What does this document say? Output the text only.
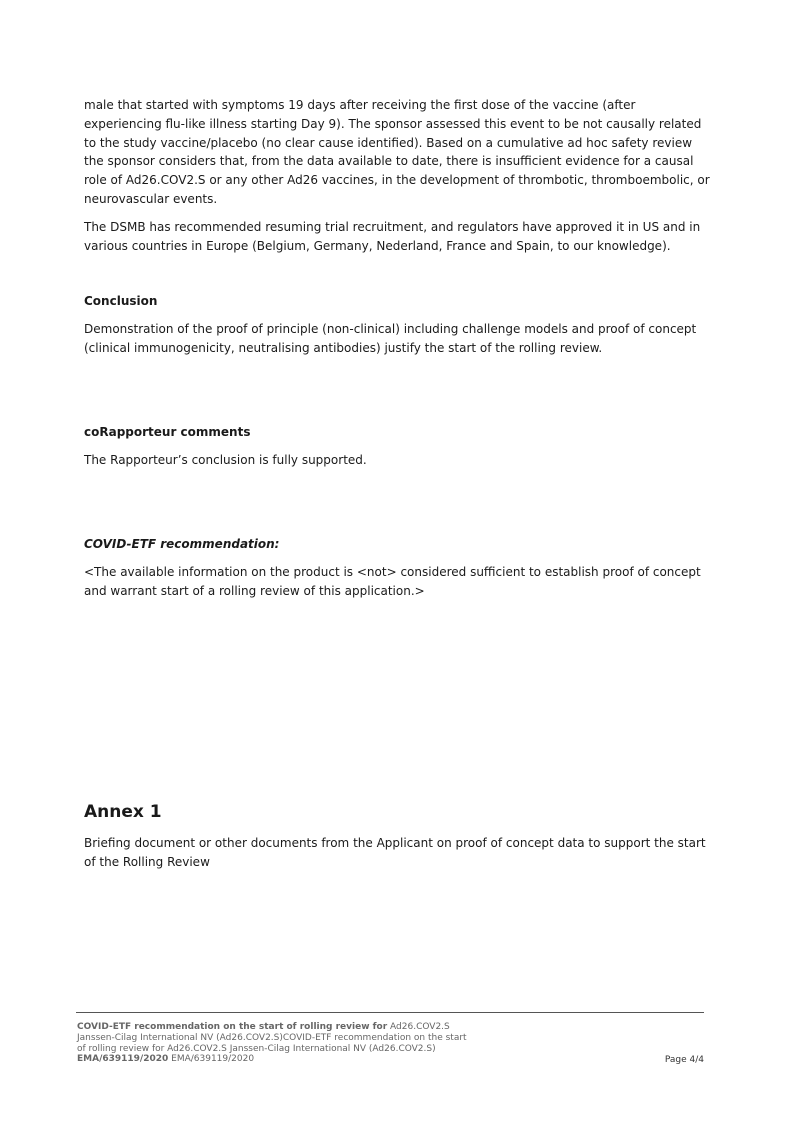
male that started with symptoms 19 days after receiving the first dose of the vaccine (after experiencing flu-like illness starting Day 9). The sponsor assessed this event to be not causally related to the study vaccine/placebo (no clear cause identified). Based on a cumulative ad hoc safety review the sponsor considers that, from the data available to date, there is insufficient evidence for a causal role of Ad26.COV2.S or any other Ad26 vaccines, in the development of thrombotic, thromboembolic, or neurovascular events.

The DSMB has recommended resuming trial recruitment, and regulators have approved it in US and in various countries in Europe (Belgium, Germany, Nederland, France and Spain, to our knowledge).

Conclusion

Demonstration of the proof of principle (non-clinical) including challenge models and proof of concept (clinical immunogenicity, neutralising antibodies) justify the start of the rolling review.

coRapporteur comments

The Rapporteur’s conclusion is fully supported.

COVID-ETF recommendation:

<The available information on the product is <not> considered sufficient to establish proof of concept and warrant start of a rolling review of this application.>

Annex 1

Briefing document or other documents from the Applicant on proof of concept data to support the start of the Rolling Review

COVID-ETF recommendation on the start of rolling review for Ad26.COV2.S
Janssen-Cilag International NV (Ad26.COV2.S)COVID-ETF recommendation on the start
of rolling review for Ad26.COV2.S Janssen-Cilag International NV (Ad26.COV2.S)
EMA/639119/2020 EMA/639119/2020	Page 4/4
